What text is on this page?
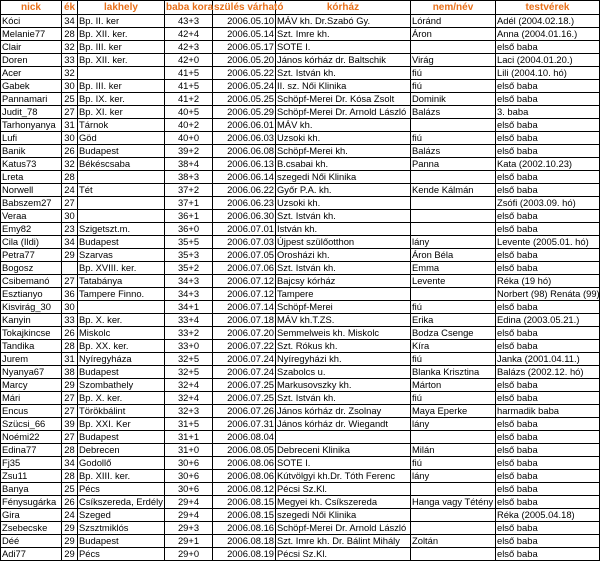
nick	ék	lakhely	baba kora	szülés várható	kórház	nem/név	testvérek
Kóci	34	Bp. II. ker	43+3	2006.05.10	MÁV kh. Dr.Szabó Gy.	Lóránd	Adél (2004.02.18.)
Melanie77	28	Bp. XII. ker.	42+4	2006.05.14	Szt. Imre kh.	Áron	Anna (2004.01.16.)
Clair	32	Bp. III. ker	42+3	2006.05.17	SOTE I.		első baba
Doren	33	Bp. XII. ker.	42+0	2006.05.20	János kórház dr. Baltschik	Virág	Laci (2004.01.20.)
Acer	32		41+5	2006.05.22	Szt. István kh.	fiú	Lili (2004.10. hó)
Gabek	30	Bp. III. ker	41+5	2006.05.24	II. sz. Női Klinika	fiú	első baba
Pannamari	25	Bp. IX. ker.	41+2	2006.05.25	Schöpf-Merei Dr. Kósa Zsolt	Dominik	első baba
Judit_78	27	Bp. XI. ker	40+5	2006.05.29	Schöpf-Merei Dr. Arnold László	Balázs	3. baba
Tarhonyanya	31	Tárnok	40+2	2006.06.01	MÁV kh.		első baba
Lufi	30	Göd	40+0	2006.06.03	Uzsoki kh.	fiú	első baba
Banik	26	Budapest	39+2	2006.06.08	Schöpf-Merei kh.	Balázs	első baba
Katus73	32	Békéscsaba	38+4	2006.06.13	B.csabai kh.	Panna	Kata (2002.10.23)
Lreta	28		38+3	2006.06.14	szegedi Női Klinika		első baba
Norwell	24	Tét	37+2	2006.06.22	Győr P.A. kh.	Kende Kálmán	első baba
Babszem27	27		37+1	2006.06.23	Uzsoki kh.		Zsófi (2003.09. hó)
Veraa	30		36+1	2006.06.30	Szt. István kh.		első baba
Emy82	23	Szigetszt.m.	36+0	2006.07.01	István kh.		első baba
Cila (Ildi)	34	Budapest	35+5	2006.07.03	Újpest szülőotthon	lány	Levente (2005.01. hó)
Petra77	29	Szarvas	35+3	2006.07.05	Orosházi kh.	Áron Béla	első baba
Bogosz		Bp. XVIII. ker.	35+2	2006.07.06	Szt. István kh.	Emma	első baba
Csibemanó	27	Tatabánya	34+3	2006.07.12	Bajcsy kórház	Levente	Réka (19 hó)
Esztianyo	36	Tampere Finno.	34+3	2006.07.12	Tampere		Norbert (98) Renáta (99)
Kisvirág_30	30		34+1	2006.07.14	Schöpf-Merei	fiú	első baba
Kanyin	33	Bp. X. ker.	33+4	2006.07.18	MÁV kh.T.ZS.	Erika	Edina (2003.05.21.)
Tokajkincse	26	Miskolc	33+2	2006.07.20	Semmelweis kh. Miskolc	Bodza Csenge	első baba
Tandika	28	Bp. XX. ker.	33+0	2006.07.22	Szt. Rókus kh.	Kíra	első baba
Jurem	31	Nyíregyháza	32+5	2006.07.24	Nyíregyházi kh.	fiú	Janka (2001.04.11.)
Nyanya67	38	Budapest	32+5	2006.07.24	Szabolcs u.	Blanka Krisztina	Balázs (2002.12. hó)
Marcy	29	Szombathely	32+4	2006.07.25	Markusovszky kh.	Márton	első baba
Mári	27	Bp. X. ker.	32+4	2006.07.25	Szt. István kh.	fiú	első baba
Encus	27	Törökbálint	32+3	2006.07.26	János kórház dr. Zsolnay	Maya Eperke	harmadik baba
Szücsi_66	39	Bp. XXI. Ker	31+5	2006.07.31	János kórház dr. Wiegandt	lány	első baba
Noémi22	27	Budapest	31+1	2006.08.04			első baba
Edina77	28	Debrecen	31+0	2006.08.05	Debreceni Klinika	Milán	első baba
Fj35	34	Godollő	30+6	2006.08.06	SOTE I.	fiú	első baba
Zsu11	28	Bp. XIII. ker.	30+6	2006.08.06	Kútvölgyi kh.Dr. Tóth Ferenc	lány	első baba
Banya	25	Pécs	30+6	2006.08.12	Pécsi Sz.Kl.		első baba
Fénysugárka	26	Csíkszereda, Erdély	29+4	2006.08.15	Megyei kh. Csíkszereda	Hanga vagy Tétény	első baba
Gira	24	Szeged	29+4	2006.08.15	szegedi Női Klinika		Réka (2005.04.18)
Zsebecske	29	Szsztmiklós	29+3	2006.08.16	Schöpf-Merei Dr. Arnold László		első baba
Déé	29	Budapest	29+1	2006.08.18	Szt. Imre kh. Dr. Bálint Mihály	Zoltán	első baba
Adi77	29	Pécs	29+0	2006.08.19	Pécsi Sz.Kl.		első baba
